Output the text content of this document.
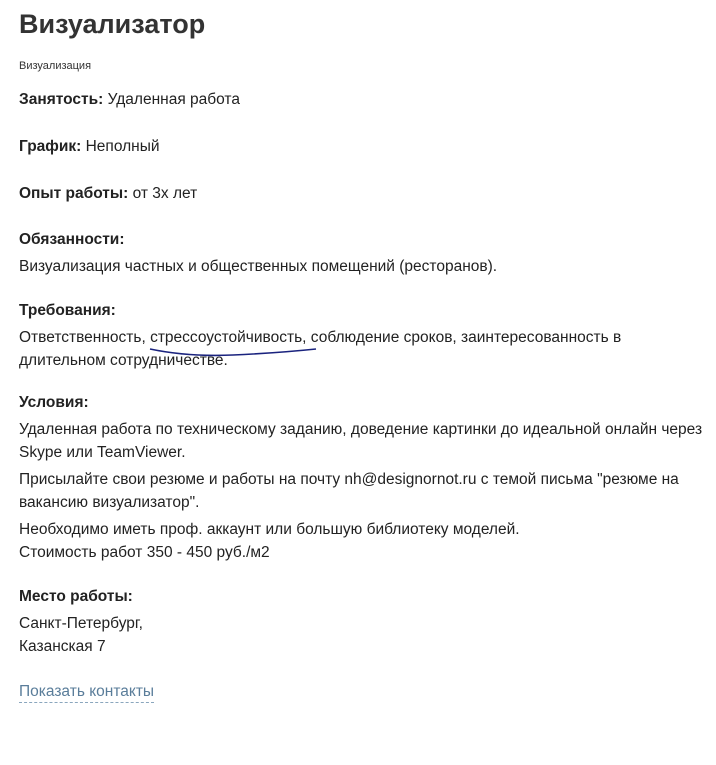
Визуализатор
Визуализация
Занятость: Удаленная работа
График: Неполный
Опыт работы: от 3х лет
Обязанности:
Визуализация частных и общественных помещений (ресторанов).
Требования:
Ответственность, стрессоустойчивость
, соблюдение сроков, заинтересованность в длительном сотрудничестве.
Условия:
Удаленная работа по техническому заданию, доведение картинки до идеальной онлайн через Skype или TeamViewer.
Присылайте свои резюме и работы на почту nh@designornot.ru с темой письма "резюме на вакансию визуализатор".
Необходимо иметь проф. аккаунт или большую библиотеку моделей.
Стоимость работ 350 - 450 руб./м2
Место работы:
Санкт-Петербург,
Казанская 7
Показать контакты
